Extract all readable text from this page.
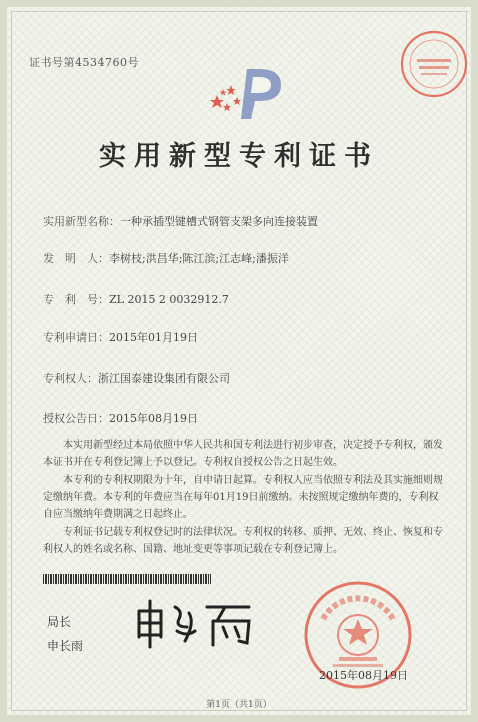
证书号第4534760号
实用新型专利证书
实用新型名称：一种承插型键槽式钢管支架多向连接装置
发　明　人：李树枝;洪昌华;陈江滨;江志峰;潘振洋
专　利　号：ZL 2015 2 0032912.7
专利申请日：2015年01月19日
专利权人：浙江国泰建设集团有限公司
授权公告日：2015年08月19日

本实用新型经过本局依照中华人民共和国专利法进行初步审查，决定授予专利权，颁发本证书并在专利登记簿上予以登记。专利权自授权公告之日起生效。

本专利的专利权期限为十年，自申请日起算。专利权人应当依照专利法及其实施细则规定缴纳年费。本专利的年费应当在每年01月19日前缴纳。未按照规定缴纳年费的，专利权自应当缴纳年费期满之日起终止。

专利证书记载专利权登记时的法律状况。专利权的转移、质押、无效、终止、恢复和专利权人的姓名或名称、国籍、地址变更等事项记载在专利登记簿上。

局长
申长雨
2015年08月19日
第1页（共1页）
